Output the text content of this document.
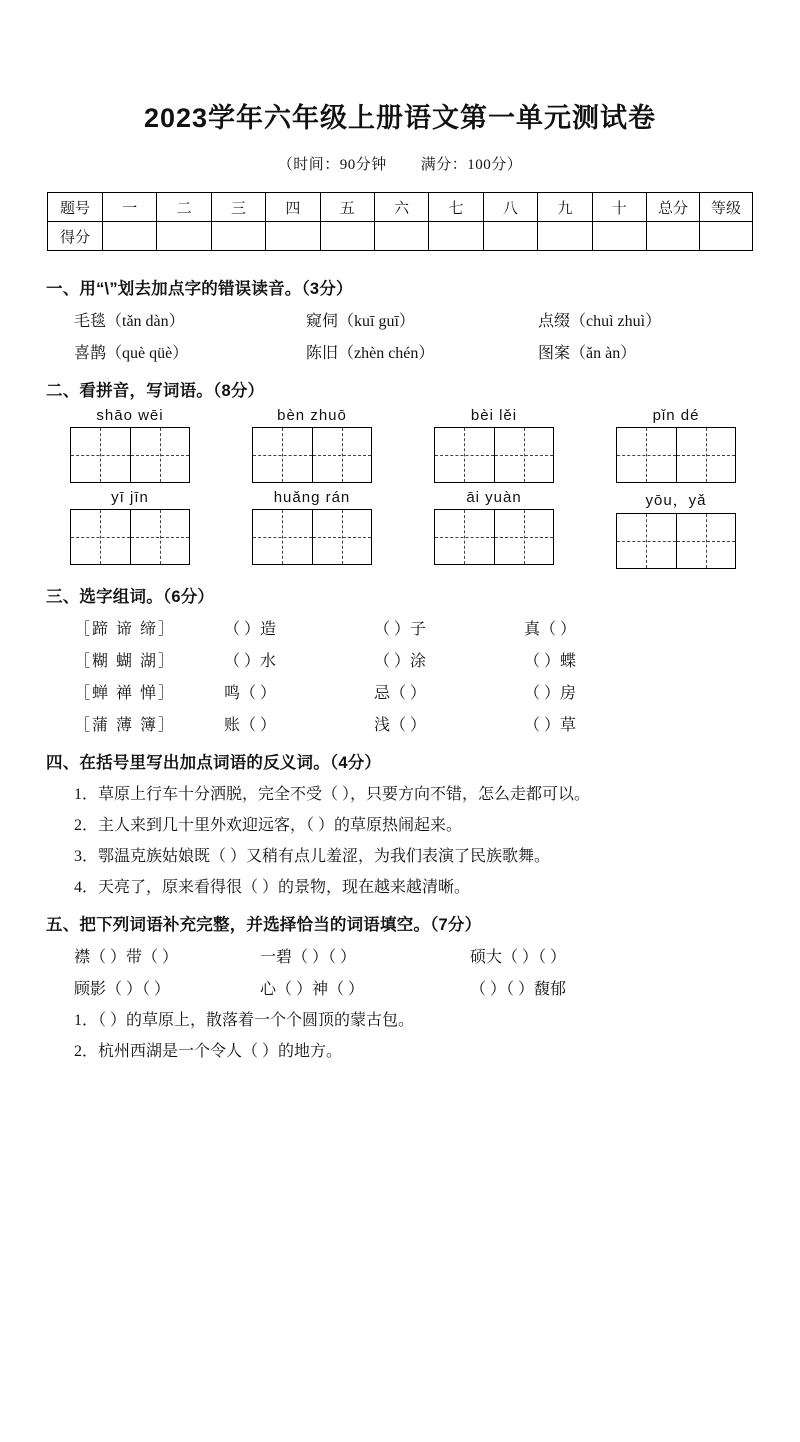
2023学年六年级上册语文第一单元测试卷
（时间：90分钟 满分：100分）
题号	一	二	三	四	五	六	七	八	九	十	总分	等级
得分												
一、用“\”划去加点字的错误读音。（3分）
毛毯（tǎn dàn）	窥伺（kuī guī）	点缀（chuì zhuì）
喜鹊（què qüè）	陈旧（zhèn chén）	图案（ǎn àn）
二、看拼音，写词语。（8分）
shāo wēi	bèn zhuō	bèi lěi	pǐn dé
yī jīn	huǎng rán	āi yuàn	yōu，yǎ
三、选字组词。（6分）
［蹄 谛 缔］	（ ）造	（ ）子	真（ ）
［糊 蝴 湖］	（ ）水	（ ）涂	（ ）蝶
［蝉 禅 惮］	鸣（ ）	忌（ ）	（ ）房
［蒲 薄 簿］	账（ ）	浅（ ）	（ ）草
四、在括号里写出加点词语的反义词。（4分）
1．草原上行车十分洒脱，完全不受（ ），只要方向不错，怎么走都可以。
2．主人来到几十里外欢迎远客，（ ）的草原热闹起来。
3．鄂温克族姑娘既（ ）又稍有点儿羞涩，为我们表演了民族歌舞。
4．天亮了，原来看得很（ ）的景物，现在越来越清晰。
五、把下列词语补充完整，并选择恰当的词语填空。（7分）
襟（ ）带（ ）	一碧（ ）（ ）	硕大（ ）（ ）
顾影（ ）（ ）	心（ ）神（ ）	（ ）（ ）馥郁
1．（ ）的草原上，散落着一个个圆顶的蒙古包。
2．杭州西湖是一个令人（ ）的地方。
